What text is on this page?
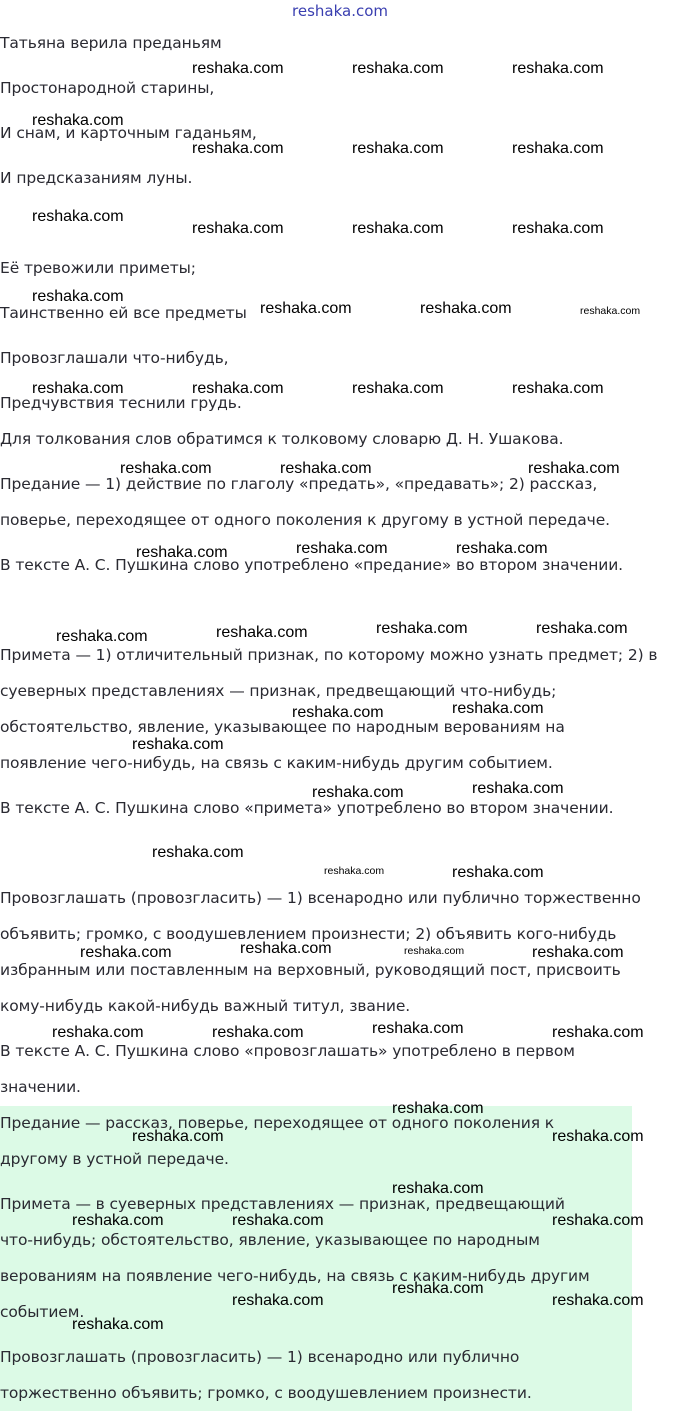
reshaka.com
Татьяна верила преданьям
Простонародной старины,
И снам, и карточным гаданьям,
И предсказаниям луны.
Её тревожили приметы;
Таинственно ей все предметы
Провозглашали что-нибудь,
Предчувствия теснили грудь.
Для толкования слов обратимся к толковому словарю Д. Н. Ушакова.
Предание — 1) действие по глаголу «предать», «предавать»; 2) рассказ,
поверье, переходящее от одного поколения к другому в устной передаче.
В тексте А. С. Пушкина слово употреблено «предание» во втором значении.
Примета — 1) отличительный признак, по которому можно узнать предмет; 2) в
суеверных представлениях — признак, предвещающий что-нибудь;
обстоятельство, явление, указывающее по народным верованиям на
появление чего-нибудь, на связь с каким-нибудь другим событием.
В тексте А. С. Пушкина слово «примета» употреблено во втором значении.
Провозглашать (провозгласить) — 1) всенародно или публично торжественно
объявить; громко, с воодушевлением произнести; 2) объявить кого-нибудь
избранным или поставленным на верховный, руководящий пост, присвоить
кому-нибудь какой-нибудь важный титул, звание.
В тексте А. С. Пушкина слово «провозглашать» употреблено в первом
значении.
Предание — рассказ, поверье, переходящее от одного поколения к
другому в устной передаче.
Примета — в суеверных представлениях — признак, предвещающий
что-нибудь; обстоятельство, явление, указывающее по народным
верованиям на появление чего-нибудь, на связь с каким-нибудь другим
событием.
Провозглашать (провозгласить) — 1) всенародно или публично
торжественно объявить; громко, с воодушевлением произнести.
reshaka.com	reshaka.com	reshaka.com
reshaka.com
reshaka.com	reshaka.com	reshaka.com
reshaka.com
reshaka.com	reshaka.com	reshaka.com
reshaka.com
reshaka.com	reshaka.com	reshaka.com
reshaka.com	reshaka.com	reshaka.com	reshaka.com
reshaka.com	reshaka.com	reshaka.com
reshaka.com	reshaka.com	reshaka.com
reshaka.com	reshaka.com	reshaka.com	reshaka.com
reshaka.com	reshaka.com
reshaka.com
reshaka.com	reshaka.com
reshaka.com
reshaka.com	reshaka.com
reshaka.com	reshaka.com	reshaka.com	reshaka.com
reshaka.com	reshaka.com	reshaka.com	reshaka.com
reshaka.com
reshaka.com	reshaka.com
reshaka.com
reshaka.com	reshaka.com	reshaka.com
reshaka.com
reshaka.com	reshaka.com
reshaka.com
